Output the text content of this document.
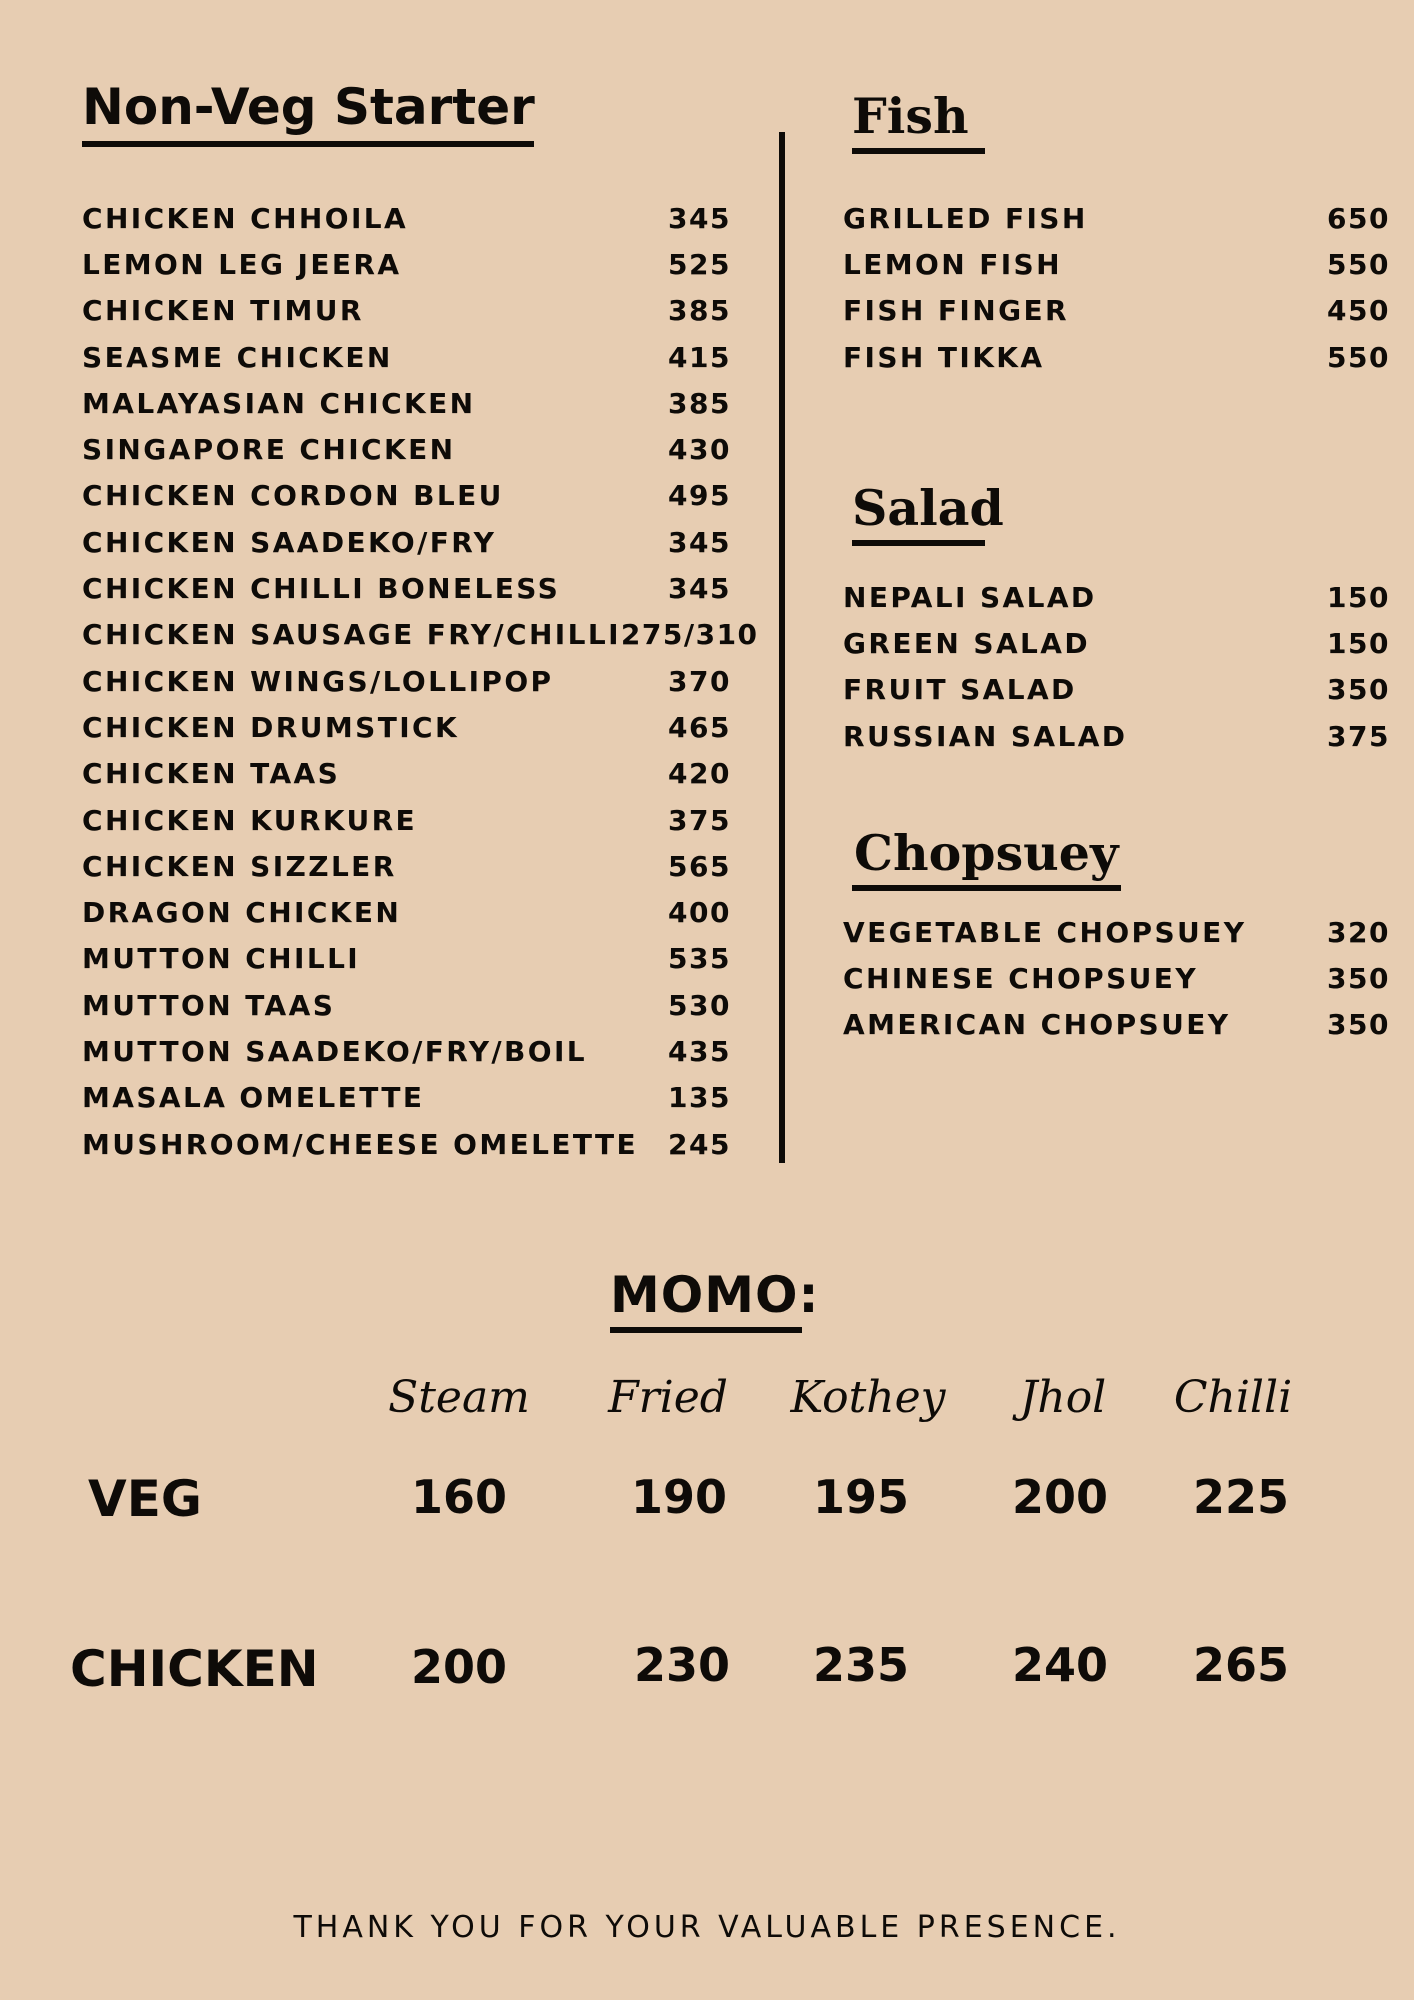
Non-Veg Starter
CHICKEN CHHOILA	345
LEMON LEG JEERA	525
CHICKEN TIMUR	385
SEASME CHICKEN	415
MALAYASIAN CHICKEN	385
SINGAPORE CHICKEN	430
CHICKEN CORDON BLEU	495
CHICKEN SAADEKO/FRY	345
CHICKEN CHILLI BONELESS	345
CHICKEN SAUSAGE FRY/CHILLI 275/310
CHICKEN WINGS/LOLLIPOP	370
CHICKEN DRUMSTICK	465
CHICKEN TAAS	420
CHICKEN KURKURE	375
CHICKEN SIZZLER	565
DRAGON CHICKEN	400
MUTTON CHILLI	535
MUTTON TAAS	530
MUTTON SAADEKO/FRY/BOIL	435
MASALA OMELETTE	135
MUSHROOM/CHEESE OMELETTE 245
Fish
GRILLED FISH	650
LEMON FISH	550
FISH FINGER	450
FISH TIKKA	550
Salad
NEPALI SALAD	150
GREEN SALAD	150
FRUIT SALAD	350
RUSSIAN SALAD	375
Chopsuey
VEGETABLE CHOPSUEY	320
CHINESE CHOPSUEY	350
AMERICAN CHOPSUEY	350
MOMO:
Steam	Fried	Kothey	Jhol	Chilli
VEG	160	190	195	200	225
CHICKEN	200	230	235	240	265
THANK YOU FOR YOUR VALUABLE PRESENCE.
